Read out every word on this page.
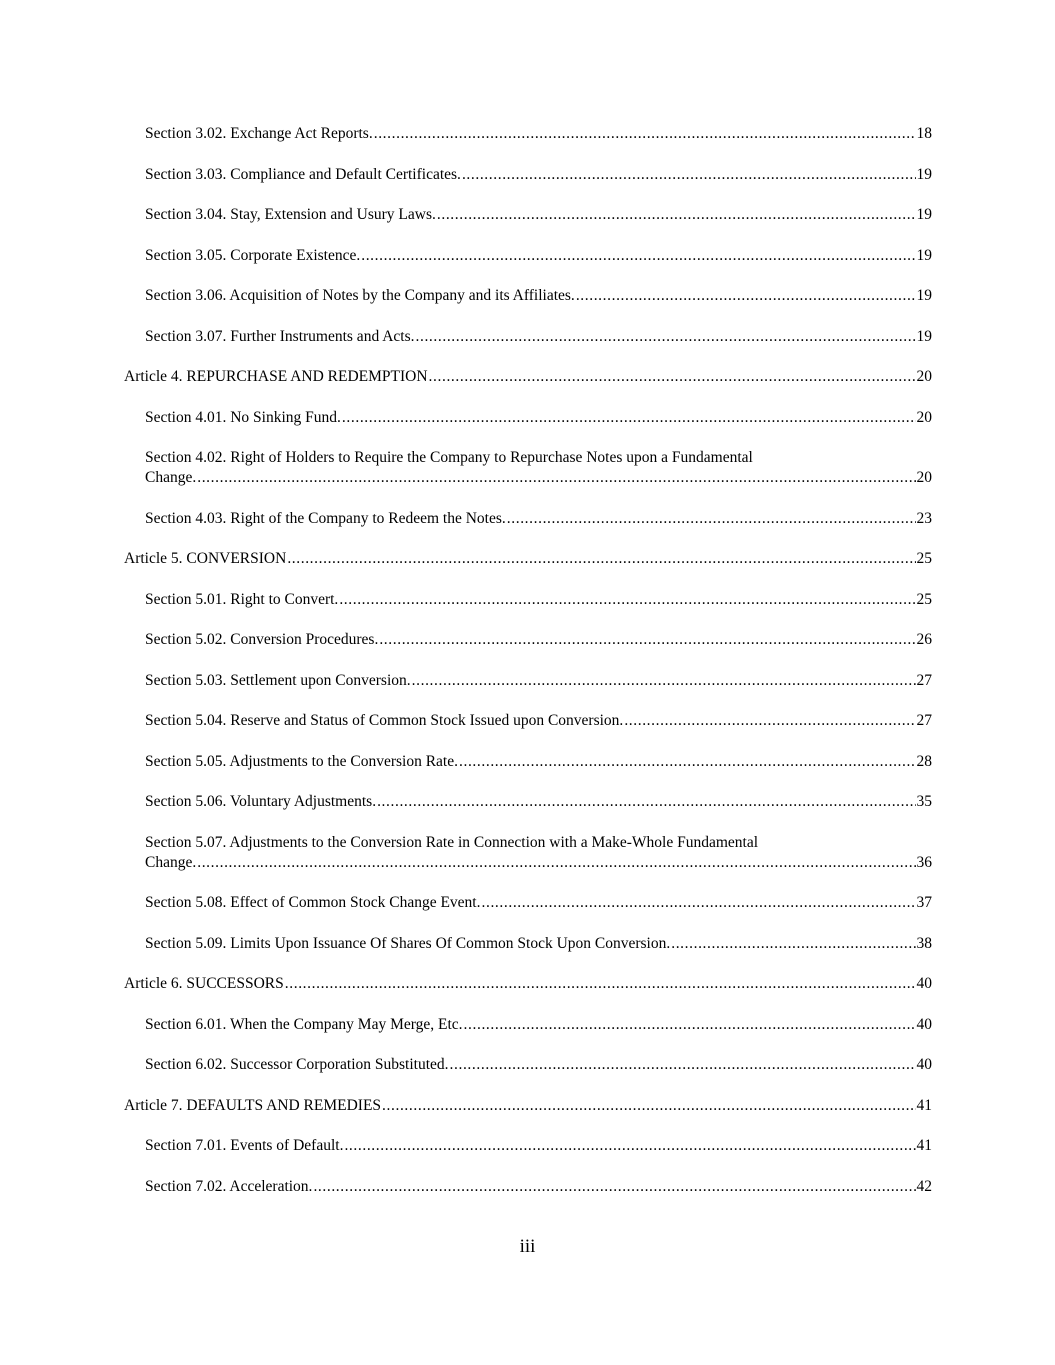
Section 3.02. Exchange Act Reports. .....	18
Section 3.03. Compliance and Default Certificates. .....	19
Section 3.04. Stay, Extension and Usury Laws. .....	19
Section 3.05. Corporate Existence. .....	19
Section 3.06. Acquisition of Notes by the Company and its Affiliates. .....	19
Section 3.07. Further Instruments and Acts. .....	19
Article 4. REPURCHASE AND REDEMPTION .....	20
Section 4.01. No Sinking Fund. .....	20
Section 4.02. Right of Holders to Require the Company to Repurchase Notes upon a Fundamental
Change. .....	20
Section 4.03. Right of the Company to Redeem the Notes. .....	23
Article 5. CONVERSION .....	25
Section 5.01. Right to Convert. .....	25
Section 5.02. Conversion Procedures. .....	26
Section 5.03. Settlement upon Conversion. .....	27
Section 5.04. Reserve and Status of Common Stock Issued upon Conversion. .....	27
Section 5.05. Adjustments to the Conversion Rate. .....	28
Section 5.06. Voluntary Adjustments. .....	35
Section 5.07. Adjustments to the Conversion Rate in Connection with a Make-Whole Fundamental
Change. .....	36
Section 5.08. Effect of Common Stock Change Event. .....	37
Section 5.09. Limits Upon Issuance Of Shares Of Common Stock Upon Conversion. .....	38
Article 6. SUCCESSORS .....	40
Section 6.01. When the Company May Merge, Etc. .....	40
Section 6.02. Successor Corporation Substituted. .....	40
Article 7. DEFAULTS AND REMEDIES .....	41
Section 7.01. Events of Default. .....	41
Section 7.02. Acceleration. .....	42
iii
